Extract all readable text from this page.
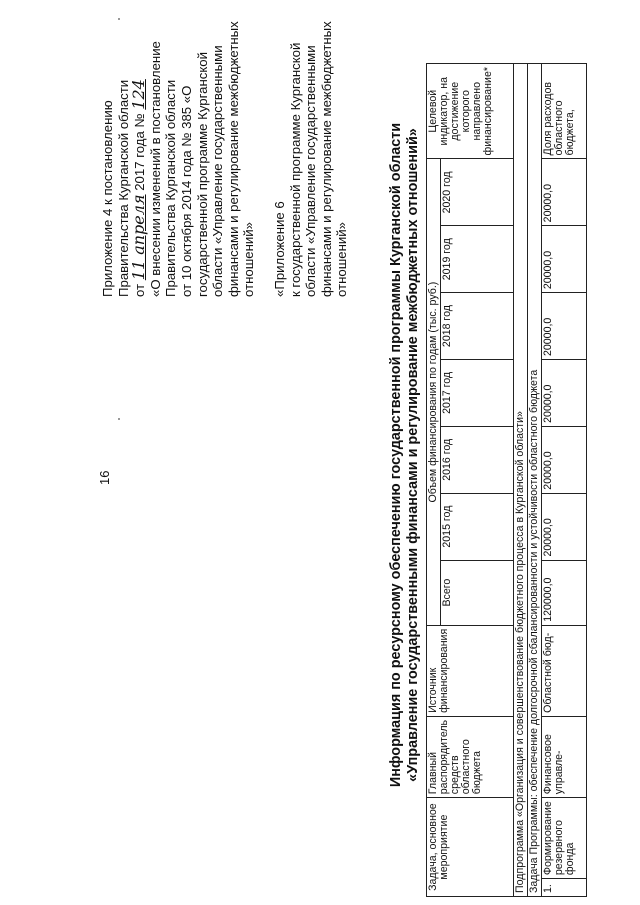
16
Приложение 4 к постановлению Правительства Курганской области от 11 апреля 2017 года № 124 «О внесении изменений в постановление Правительства Курганской области от 10 октября 2014 года № 385 «О государственной программе Курганской области «Управление государственными финансами и регулирование межбюджетных отношений» «Приложение 6 к государственной программе Курганской области «Управление государственными финансами и регулирование межбюджетных отношений»	Информация по ресурсному обеспечению государственной программы Курганской области «Управление государственными финансами и регулирование межбюджетных отношений»
Задача, основное мероприятие		Главный распорядитель средств областного бюджета	Источник финансирования	Объем финансирования по годам (тыс. руб.)							Целевой индикатор, на достижение которого направлено финансирование*
				Всего	2015 год	2016 год	2017 год	2018 год	2019 год	2020 год	
Подпрограмма «Организация и совершенствование бюджетного процесса в Курганской области»											
Задача Программы: обеспечение долгосрочной сбалансированности и устойчивости областного бюджета											
1.	Формирование резервного фонда	Финансовое управле-	Областной бюд-	120000,0	20000,0	20000,0	20000,0	20000,0	20000,0	20000,0	Доля расходов областного бюджета,
